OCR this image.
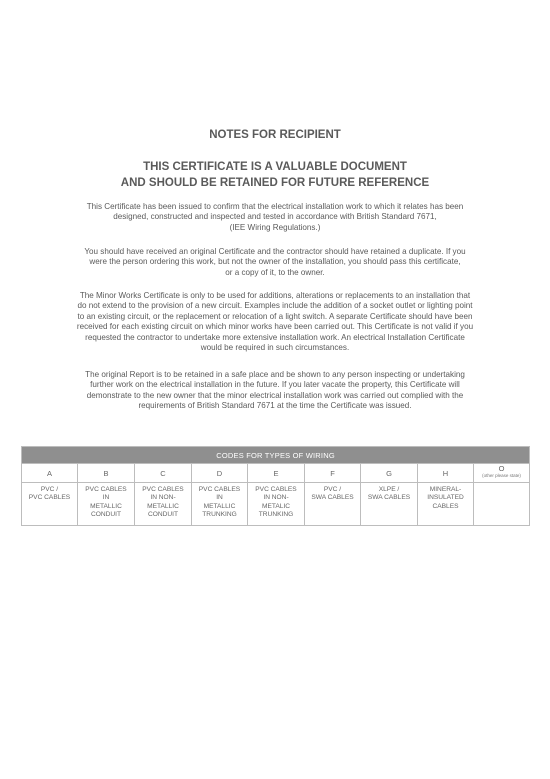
NOTES FOR RECIPIENT
THIS CERTIFICATE IS A VALUABLE DOCUMENT
AND SHOULD BE RETAINED FOR FUTURE REFERENCE
This Certificate has been issued to confirm that the electrical installation work to which it relates has been
designed, constructed and inspected and tested in accordance with British Standard 7671,
(IEE Wiring Regulations.)
You should have received an original Certificate and the contractor should have retained a duplicate. If you
were the person ordering this work, but not the owner of the installation, you should pass this certificate,
or a copy of it, to the owner.
The Minor Works Certificate is only to be used for additions, alterations or replacements to an installation that
do not extend to the provision of a new circuit. Examples include the addition of a socket outlet or lighting point
to an existing circuit, or the replacement or relocation of a light switch. A separate Certificate should have been
received for each existing circuit on which minor works have been carried out. This Certificate is not valid if you
requested the contractor to undertake more extensive installation work. An electrical Installation Certificate
would be required in such circumstances.
The original Report is to be retained in a safe place and be shown to any person inspecting or undertaking
further work on the electrical installation in the future. If you later vacate the property, this Certificate will
demonstrate to the new owner that the minor electrical installation work was carried out complied with the
requirements of British Standard 7671 at the time the Certificate was issued.
CODES FOR TYPES OF WIRING								
A	B	C	D	E	F	G	H	O
(other please state)

PVC /
PVC CABLES	PVC CABLES
IN
METALLIC
CONDUIT	PVC CABLES
IN NON-
METALLIC
CONDUIT	PVC CABLES
IN
METALLIC
TRUNKING	PVC CABLES
IN NON-
METALIC
TRUNKING	PVC /
SWA CABLES	XLPE /
SWA CABLES	MINERAL-
INSULATED
CABLES	
